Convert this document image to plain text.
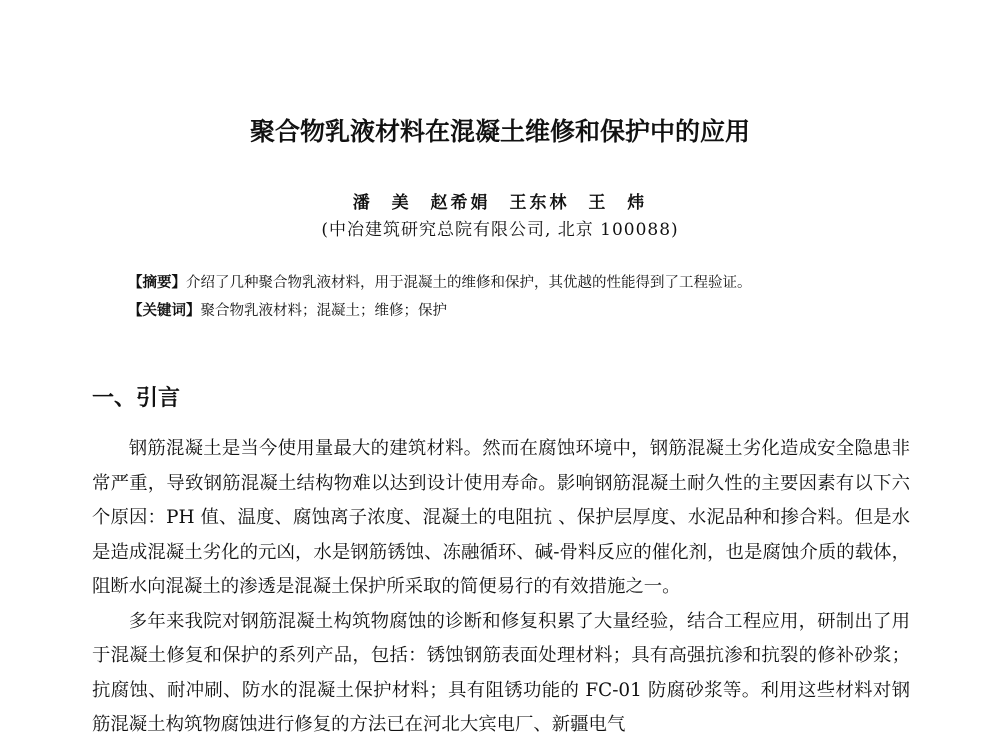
聚合物乳液材料在混凝土维修和保护中的应用
潘 美 赵希娟 王东林 王 炜
(中冶建筑研究总院有限公司, 北京 100088)
【摘要】介绍了几种聚合物乳液材料，用于混凝土的维修和保护，其优越的性能得到了工程验证。
【关键词】聚合物乳液材料；混凝土；维修；保护
一、引言

钢筋混凝土是当今使用量最大的建筑材料。然而在腐蚀环境中，钢筋混凝土劣化造成安全隐患非常严重，导致钢筋混凝土结构物难以达到设计使用寿命。影响钢筋混凝土耐久性的主要因素有以下六个原因：PH 值、温度、腐蚀离子浓度、混凝土的电阻抗 、保护层厚度、水泥品种和掺合料。但是水是造成混凝土劣化的元凶，水是钢筋锈蚀、冻融循环、碱-骨料反应的催化剂，也是腐蚀介质的载体，阻断水向混凝土的渗透是混凝土保护所采取的简便易行的有效措施之一。

多年来我院对钢筋混凝土构筑物腐蚀的诊断和修复积累了大量经验，结合工程应用，研制出了用于混凝土修复和保护的系列产品，包括：锈蚀钢筋表面处理材料；具有高强抗渗和抗裂的修补砂浆；抗腐蚀、耐冲刷、防水的混凝土保护材料；具有阻锈功能的 FC-01 防腐砂浆等。利用这些材料对钢筋混凝土构筑物腐蚀进行修复的方法已在河北大宾电厂、新疆电气
